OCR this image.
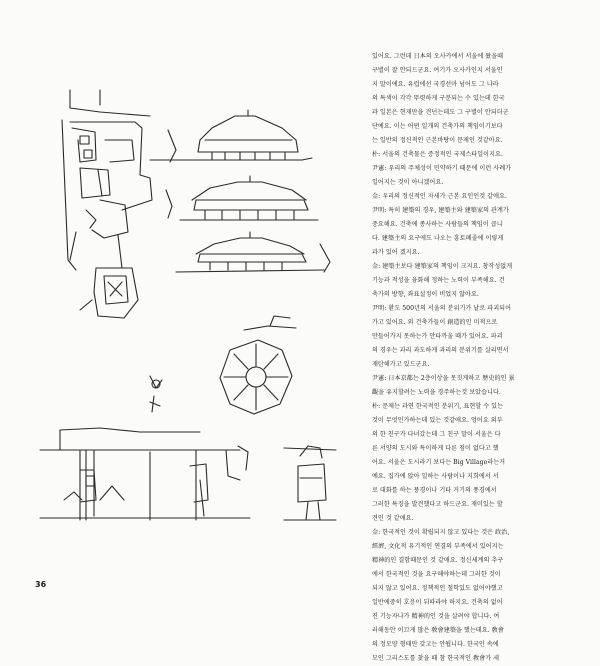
있어요. 그런데 日本의 오사카에서 서울에 왔을때

구별이 잘 안되드군요. 여기가 오사카인지 서울인

지 말이에요. 유럽에선 국경선마 넘어도 그 나라

의 특색이 각각 뚜렷하게 구분되는 수 있는데 한국

과 일본은 현재만을 견넌는데도 그 구별이 안되더군

단예요. 이는 어떤 일개의 건축가의 책임이기보다

는 일반의 정신적인 근본바탕이 문제인 것같아요.

朴: 서울의 건축물은 증정적인 국제스타일이지요.

尹憲: 우리의 주체성이 민약하기 때문에 이런 사례가

일어지는 것이 아니겠어요.

金: 우리의 정신적인 자세가 근본 요인인것 같애요.

尹明: 특히 建築의 경우, 建築主와 建築家의 관계가

중요해요. 건축에 종사하는 사람들의 책임이 큽니

다. 建築主의 요구에도 나오는 흥토폐졸에 이렇게

과가 있어 겠지요.

金: 建築主보다 建築家의 책임이 크지요. 창작성없게

기능과 적성을 융화해 정하는 노력이 부족해요. 건

축가의 방향, 좌표설정이 비었지 않아요.

尹明: 환도 500년의 서울의 분위기가 날로 파괴되어

가고 있어요. 외 건축가들이 創造的인 미적으로

만들어가지 못하는가 안타까울 때가 있어요. 파괴

의 경우는 과리 과도하게 과리의 분위기를 살리면서

재탄해가고 있드군요.

尹憲: 日本京都는 2층이상을 못짓게하고 歷史的인 景

觀을 유지할려는 노력을 경주하는것 보았습니다.

朴: 문제는 과연 한국적인 분위기, 표현할 수 있는

것이 무엇인가하는데 있는 것같애요. 엉어요 외부

의 한 친구가 다녀갔는데 그 친구 말이 서울은 다

른 서양의 도시와 특이하게 다른 점이 없다고 했

어요. 서울은 도시라기 보다는 Big Village라는거

예요. 집가에 앉아 일하는 사람이나 지희에서 서

로 대화를 하는 풍경이나 기타 거기의 풍경에서

그러한 특징을 발견했다고 하드군요. 재미있는 할

견인 것 같애요.

金: 한국적인 것이 확립되지 않고 있다는 것은 政治,

經濟, 文化적 유기적인 연결의 부족에서 있어지는

精神的인 결함때문인 것 같애요. 정신세계의 추구

에서 한국적인 것을 요구해야하는데 그러한 것이

되지 않고 있어요. 정책적인 철학있도 없어야했고

일반에중히 호응이 뒤따라야 하지요. 건축의 없어

진 기능자나가 精神的인 것을 살려야 합니다. 여

러해동안 이끄게 많은 敎會建築을 했는데요. 敎會

의 정모양 형태만 갖고는 안됩니다. 한국인 속에

모인 그리스도를 찾을 때 참 한국적인 敎會가 세

36
